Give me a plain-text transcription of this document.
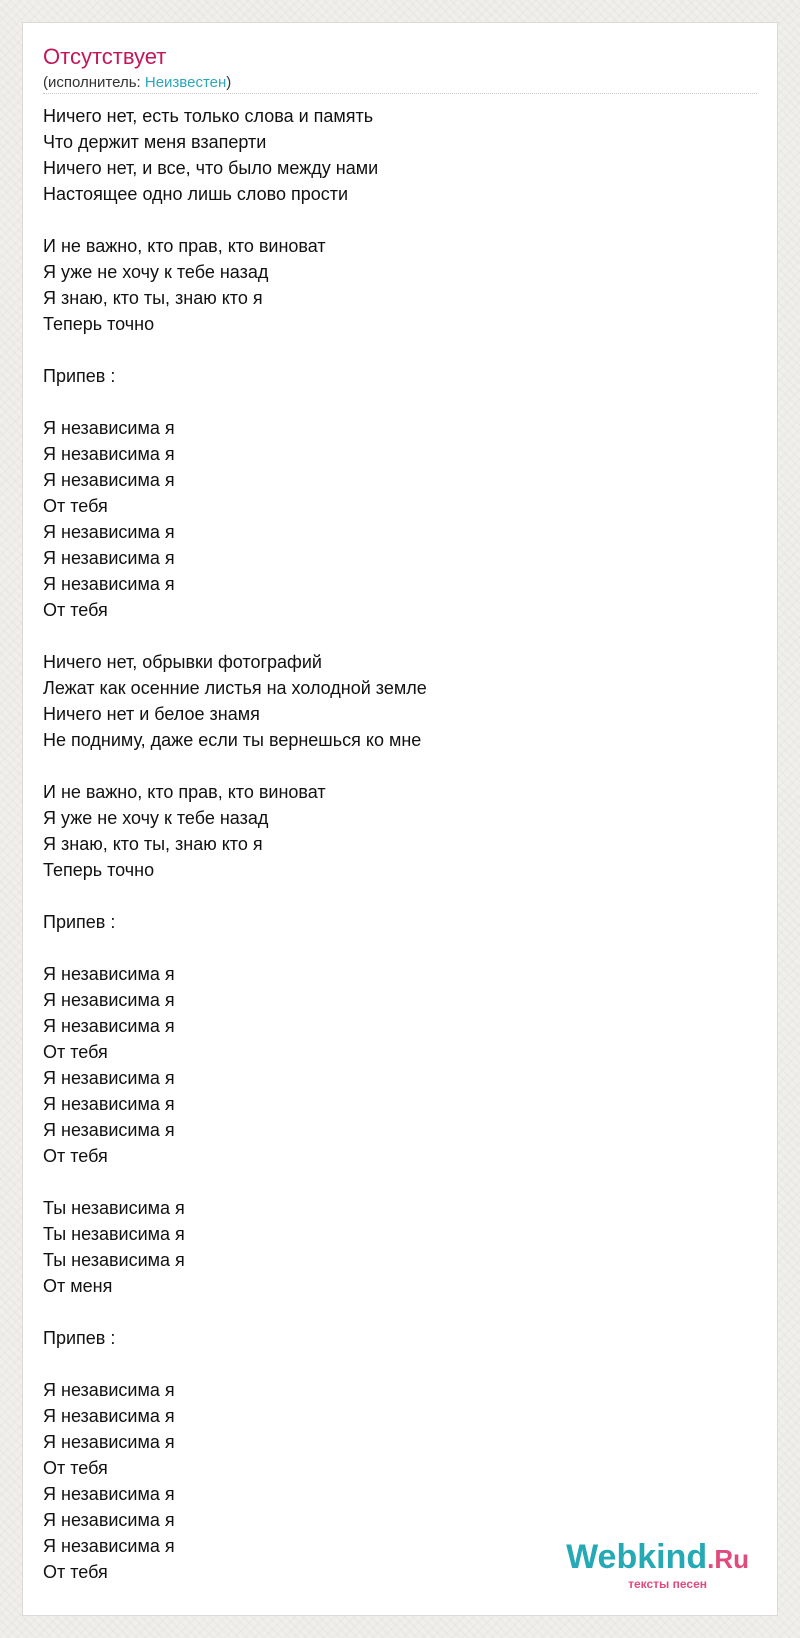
Отсутствует
(исполнитель: Неизвестен)
Ничего нет, есть только слова и память
Что держит меня взаперти
Ничего нет, и все, что было между нами
Настоящее одно лишь слово прости
И не важно, кто прав, кто виноват
Я уже не хочу к тебе назад
Я знаю, кто ты, знаю кто я
Теперь точно
Припев :
Я независима я
Я независима я
Я независима я
От тебя
Я независима я
Я независима я
Я независима я
От тебя
Ничего нет, обрывки фотографий
Лежат как осенние листья на холодной земле
Ничего нет и белое знамя
Не подниму, даже если ты вернешься ко мне
И не важно, кто прав, кто виноват
Я уже не хочу к тебе назад
Я знаю, кто ты, знаю кто я
Теперь точно
Припев :
Я независима я
Я независима я
Я независима я
От тебя
Я независима я
Я независима я
Я независима я
От тебя
Ты независима я
Ты независима я
Ты независима я
От меня
Припев :
Я независима я
Я независима я
Я независима я
От тебя
Я независима я
Я независима я
Я независима я
От тебя	Webkind.Ru
тексты песен
